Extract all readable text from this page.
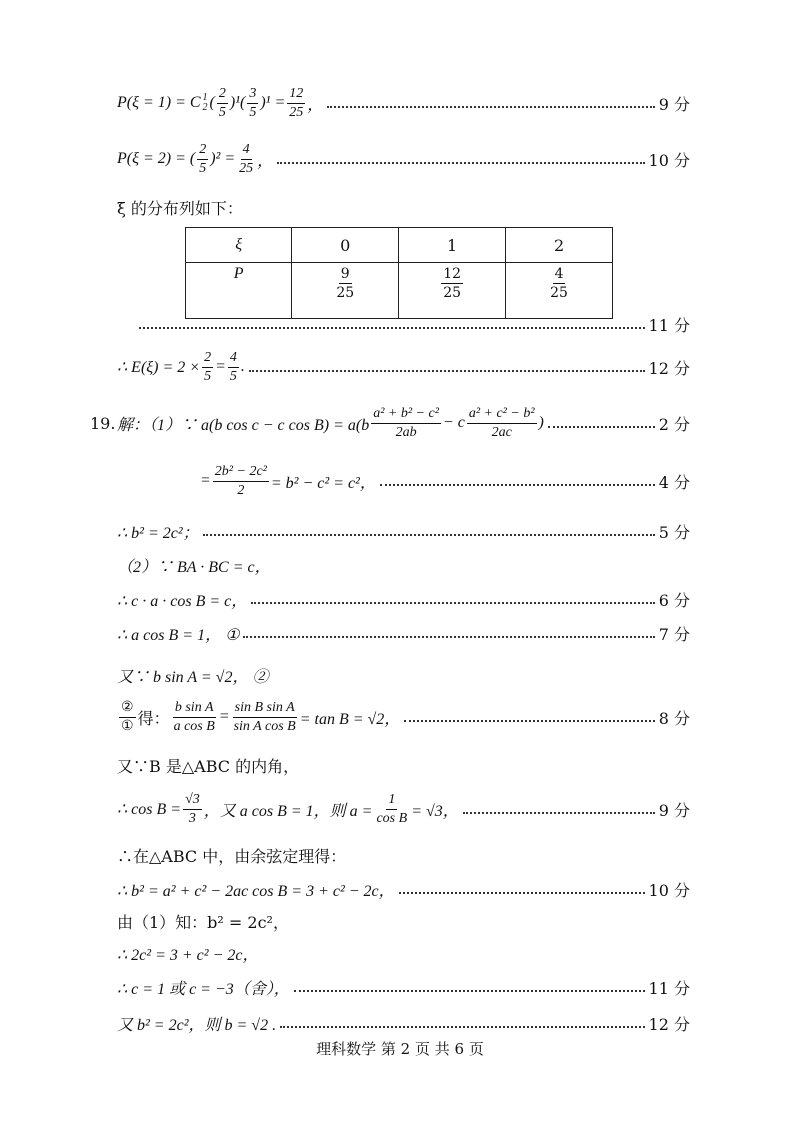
P(ξ = 1) = C 1
2 ( $\frac{2}{5} )^1( \frac{3}{5} )^1 = \frac{12}{25}$ ，	9 分
P(ξ = 2) = ( $\frac{2}{5} )^2 = \frac{4}{25}$ ，	10 分
ξ 的分布列如下：
ξ	0	1	2
P	$\frac{9}{25}$	$\frac{12}{25}$	$\frac{4}{25}$
11 分
∴ $E(\xi) = 2 \times \frac{2}{5} = \frac{4}{5}$ .	12 分
19. 解：（1）∵ a(b cos c − c $\cos B) = a(b \frac{\text{a² + b² − c²}}{2ab} - c \frac{\text{a² + c² − b²}}{2ac}$ )	2 分
= $\frac{\text{2b² − 2c²}}{2} = b^2 - c^2 = c^2$，	4 分
∴ b² = 2c²；	5 分
（2）∵ BA · BC = c，
∴ c · a · cos B = c，	6 分
∴ a cos B = 1， ①	7 分
又∵ b sin A = √2， ②
$\frac{\text{②}}{\text{①}}$ 得： $\frac{\text{b sin A}}{\text{a cos B}} = \frac{\text{sin B sin A}}{\text{sin A cos B}} = \tan B = √2$，	8 分
又∵B 是△ABC 的内角，
∴ $\cos B = \frac{√3}{3}$ ，又 a cos B = 1，则 $a = \frac{1}{\text{cos B}} = √3$，	9 分
∴在△ABC 中，由余弦定理得：
∴ b² = a² + c² − 2ac cos B = 3 + c² − 2c，	10 分
由（1）知：b² = 2c²，
∴ 2c² = 3 + c² − 2c，
∴ c = 1 或 c = −3（舍），	11 分
又 b² = 2c²，则 b = √2 .	12 分
理科数学 第 2 页 共 6 页
